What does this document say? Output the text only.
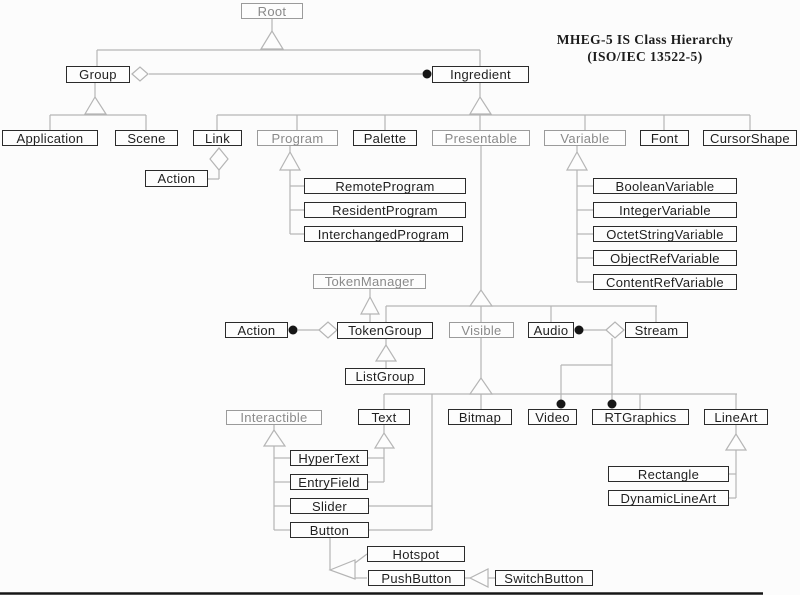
Root
Group	Ingredient
Application	Scene	Link	Program	Palette	Presentable	Variable	Font	CursorShape
Action	RemoteProgram
ResidentProgram
InterchangedProgram
BooleanVariable
IntegerVariable
OctetStringVariable
ObjectRefVariable
ContentRefVariable
TokenManager
Action	TokenGroup	Visible	Audio	Stream
ListGroup
Interactible	Text	Bitmap	Video	RTGraphics	LineArt
HyperText
EntryField
Slider
Button
Rectangle
DynamicLineArt
Hotspot
PushButton	SwitchButton
MHEG-5 IS Class Hierarchy
(ISO/IEC 13522-5)
